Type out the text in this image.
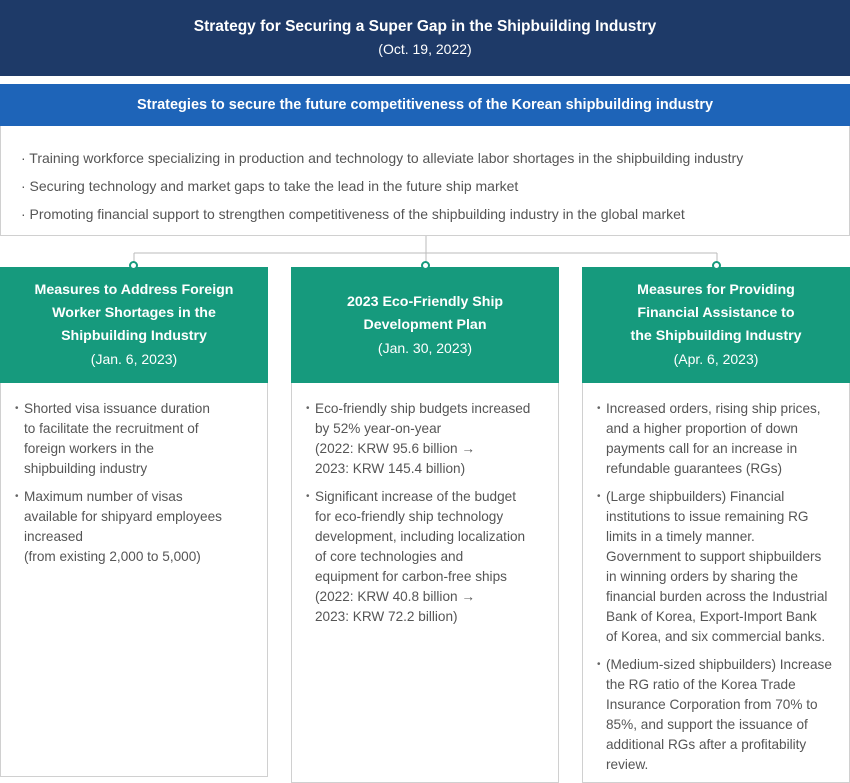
Strategy for Securing a Super Gap in the Shipbuilding Industry
(Oct. 19, 2022)
Strategies to secure the future competitiveness of the Korean shipbuilding industry
· Training workforce specializing in production and technology to alleviate labor shortages in the shipbuilding industry
· Securing technology and market gaps to take the lead in the future ship market
· Promoting financial support to strengthen competitiveness of the shipbuilding industry in the global market
Measures to Address Foreign
Worker Shortages in the
Shipbuilding Industry
(Jan. 6, 2023)
• Shorted visa issuance duration
to facilitate the recruitment of
foreign workers in the
shipbuilding industry
• Maximum number of visas
available for shipyard employees
increased
(from existing 2,000 to 5,000)
2023 Eco-Friendly Ship
Development Plan
(Jan. 30, 2023)
• Eco-friendly ship budgets increased
by 52% year-on-year
(2022: KRW 95.6 billion →
2023: KRW 145.4 billion)
• Significant increase of the budget
for eco-friendly ship technology
development, including localization
of core technologies and
equipment for carbon-free ships
(2022: KRW 40.8 billion →
2023: KRW 72.2 billion)
Measures for Providing
Financial Assistance to
the Shipbuilding Industry
(Apr. 6, 2023)
• Increased orders, rising ship prices,
and a higher proportion of down
payments call for an increase in
refundable guarantees (RGs)
• (Large shipbuilders) Financial
institutions to issue remaining RG
limits in a timely manner.
Government to support shipbuilders
in winning orders by sharing the
financial burden across the Industrial
Bank of Korea, Export-Import Bank
of Korea, and six commercial banks.
• (Medium-sized shipbuilders) Increase
the RG ratio of the Korea Trade
Insurance Corporation from 70% to
85%, and support the issuance of
additional RGs after a profitability
review.
